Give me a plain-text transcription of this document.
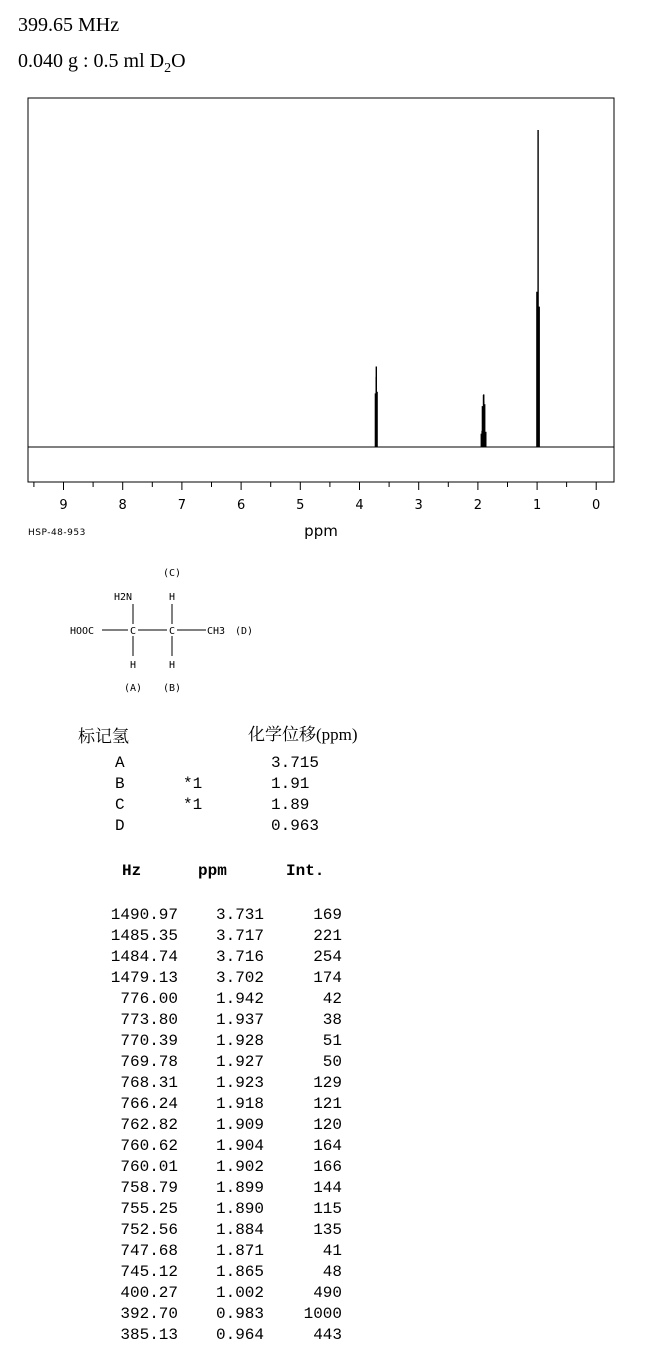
399.65 MHz
0.040 g : 0.5 ml $D_2O$
9	8	7	6	5	4	3	2	1	0
ppm
HSP-48-953
(C)
H2N	H
HOOC	C	C	CH3 (D)
H	H
(A) (B)
标记氢	化学位移(ppm)
A	3.715
B	*1	1.91
C	*1	1.89
D	0.963
Hz	ppm	Int.
1490.97 3.731	169
1485.35 3.717	221
1484.74 3.716	254
1479.13 3.702	174
776.00 1.942	42
773.80 1.937	38
770.39 1.928	51
769.78 1.927	50
768.31 1.923	129
766.24 1.918	121
762.82 1.909	120
760.62 1.904	164
760.01 1.902	166
758.79 1.899	144
755.25 1.890	115
752.56 1.884	135
747.68 1.871	41
745.12 1.865	48
400.27 1.002	490
392.70 0.983 1000
385.13 0.964	443
